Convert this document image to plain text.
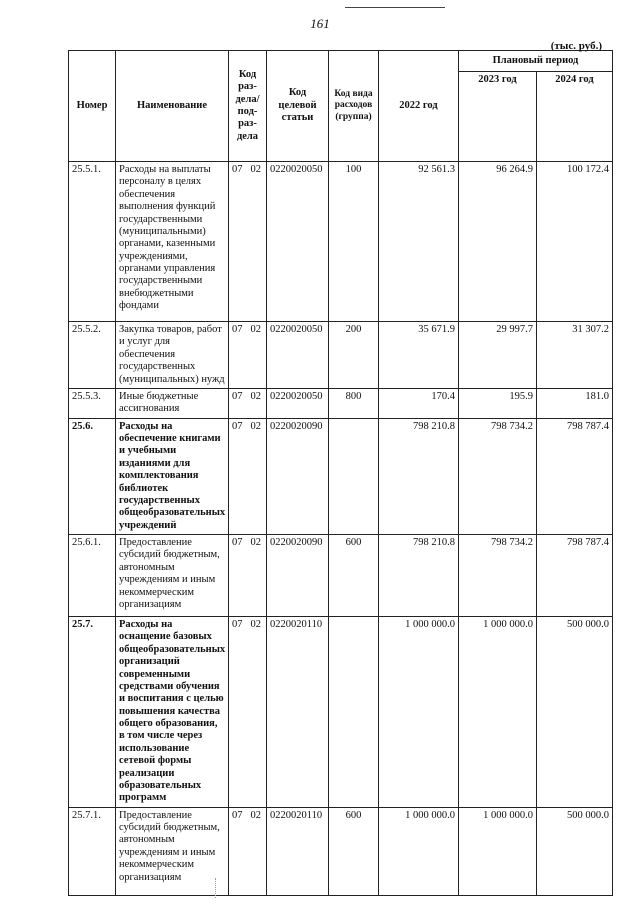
161
(тыс. руб.)
Номер	Наименование	Код раз-дела/ под-раз-дела	Код целевой статьи	Код вида расходов (группа)	2022 год	Плановый период	
						2023 год	2024 год
25.5.1.	Расходы на выплаты персоналу в целях обеспечения выполнения функций государственными (муниципальными) органами, казенными учреждениями, органами управления государственными внебюджетными фондами	07 02	0220020050	100	92 561.3	96 264.9	100 172.4
25.5.2.	Закупка товаров, работ и услуг для обеспечения государственных (муниципальных) нужд	07 02	0220020050	200	35 671.9	29 997.7	31 307.2
25.5.3.	Иные бюджетные ассигнования	07 02	0220020050	800	170.4	195.9	181.0
25.6.	Расходы на обеспечение книгами и учебными изданиями для комплектования библиотек государственных общеобразовательных учреждений	07 02	0220020090		798 210.8	798 734.2	798 787.4
25.6.1.	Предоставление субсидий бюджетным, автономным учреждениям и иным некоммерческим организациям	07 02	0220020090	600	798 210.8	798 734.2	798 787.4
25.7.	Расходы на оснащение базовых общеобразовательных организаций современными средствами обучения и воспитания с целью повышения качества общего образования, в том числе через использование сетевой формы реализации образовательных программ	07 02	0220020110		1 000 000.0	1 000 000.0	500 000.0
25.7.1.	Предоставление субсидий бюджетным, автономным учреждениям и иным некоммерческим организациям	07 02	0220020110	600	1 000 000.0	1 000 000.0	500 000.0
